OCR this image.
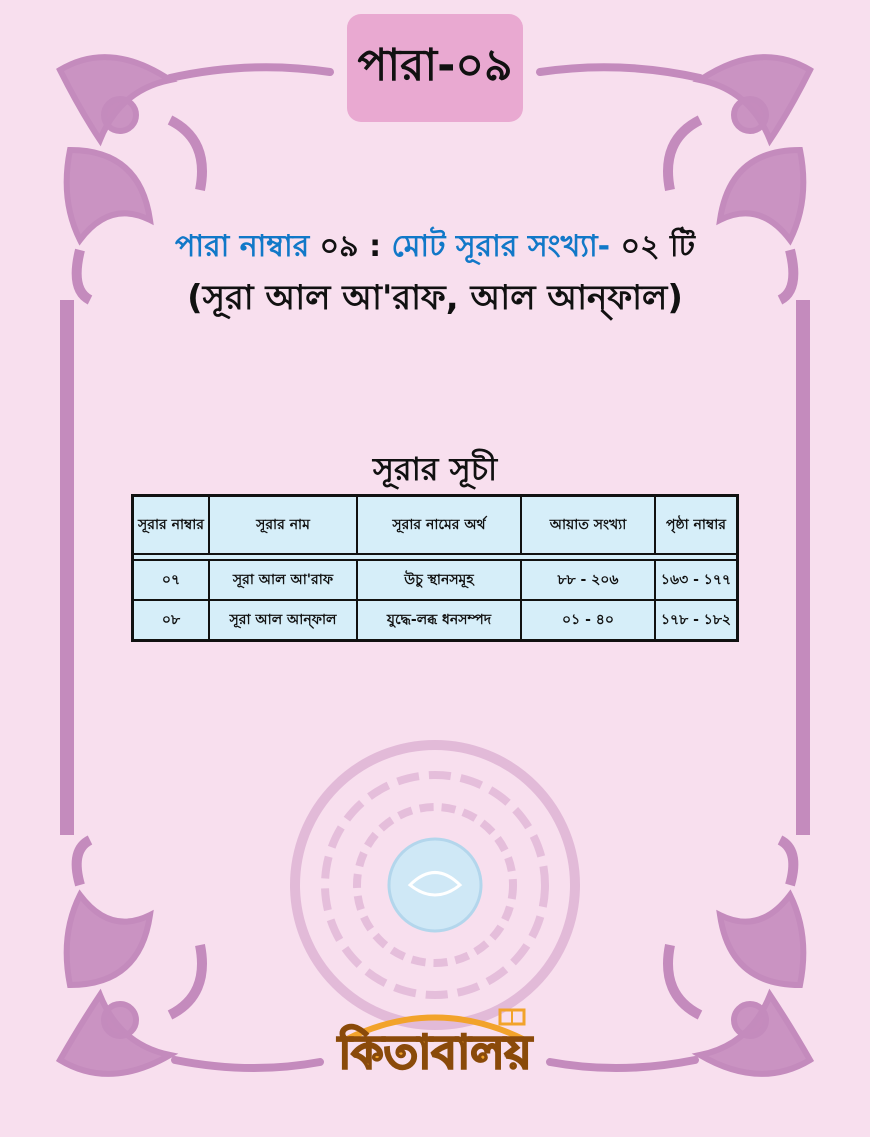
পারা-০৯
পারা নাম্বার ০৯ : মোট সূরার সংখ্যা- ০২ টি
(সূরা আল আ'রাফ, আল আন্‌ফাল)
সূরার সূচী
সূরার নাম্বার	সূরার নাম	সূরার নামের অর্থ	আয়াত সংখ্যা	পৃষ্ঠা নাম্বার

০৭	সূরা আল আ'রাফ	উচু স্থানসমূহ	৮৮ - ২০৬	১৬৩ - ১৭৭
০৮	সূরা আল আন্‌ফাল	যুদ্ধে-লব্ধ ধনসম্পদ	০১ - ৪০	১৭৮ - ১৮২
কিতাবালয়
